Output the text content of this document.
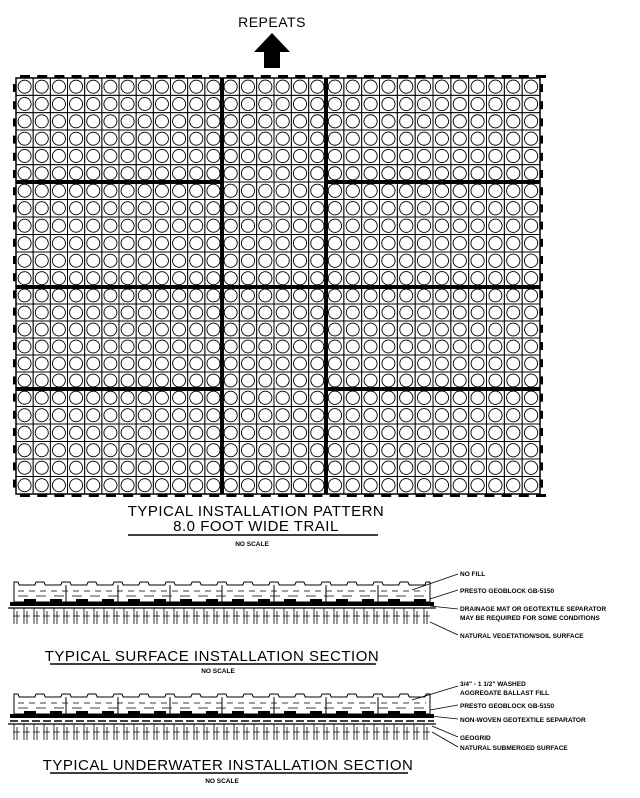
REPEATS
TYPICAL INSTALLATION PATTERN
8.0 FOOT WIDE TRAIL
NO SCALE
NO FILL
PRESTO GEOBLOCK GB-5150
DRAINAGE MAT OR GEOTEXTILE SEPARATOR
MAY BE REQUIRED FOR SOME CONDITIONS
NATURAL VEGETATION/SOIL SURFACE
TYPICAL SURFACE INSTALLATION SECTION
NO SCALE
3/4" - 1 1/2" WASHED
AGGREGATE BALLAST FILL
PRESTO GEOBLOCK GB-5150
NON-WOVEN GEOTEXTILE SEPARATOR
GEOGRID
NATURAL SUBMERGED SURFACE
TYPICAL UNDERWATER INSTALLATION SECTION
NO SCALE
